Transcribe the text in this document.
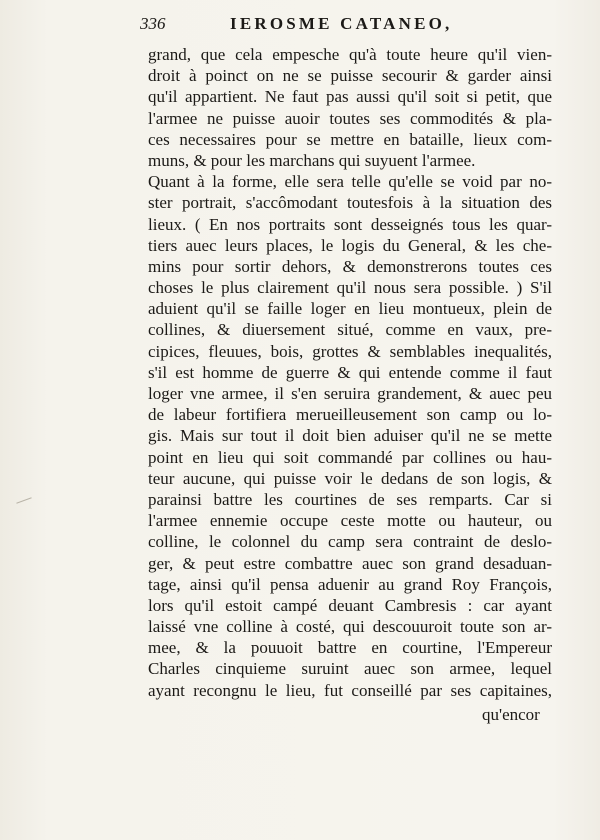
336	IEROSME CATANEO,
grand, que cela empesche qu'à toute heure qu'il vien-
droit à poinct on ne se puisse secourir & garder ainsi
qu'il appartient. Ne faut pas aussi qu'il soit si petit, que
l'armee ne puisse auoir toutes ses commodités & pla-
ces necessaires pour se mettre en bataille, lieux com-
muns, & pour les marchans qui suyuent l'armee.
Quant à la forme, elle sera telle qu'elle se void par no-
ster portrait, s'accômodant toutesfois à la situation des
lieux. ( En nos portraits sont desseignés tous les quar-
tiers auec leurs places, le logis du General, & les che-
mins pour sortir dehors, & demonstrerons toutes ces
choses le plus clairement qu'il nous sera possible. ) S'il
aduient qu'il se faille loger en lieu montueux, plein de
collines, & diuersement situé, comme en vaux, pre-
cipices, fleuues, bois, grottes & semblables inequalités,
s'il est homme de guerre & qui entende comme il faut
loger vne armee, il s'en seruira grandement, & auec peu
de labeur fortifiera merueilleusement son camp ou lo-
gis. Mais sur tout il doit bien aduiser qu'il ne se mette
point en lieu qui soit commandé par collines ou hau-
teur aucune, qui puisse voir le dedans de son logis, &
parainsi battre les courtines de ses remparts. Car si
l'armee ennemie occupe ceste motte ou hauteur, ou
colline, le colonnel du camp sera contraint de deslo-
ger, & peut estre combattre auec son grand desaduan-
tage, ainsi qu'il pensa aduenir au grand Roy François,
lors qu'il estoit campé deuant Cambresis : car ayant
laissé vne colline à costé, qui descouuroit toute son ar-
mee, & la pouuoit battre en courtine, l'Empereur
Charles cinquieme suruint auec son armee, lequel
ayant recongnu le lieu, fut conseillé par ses capitaines,
qu'encor
